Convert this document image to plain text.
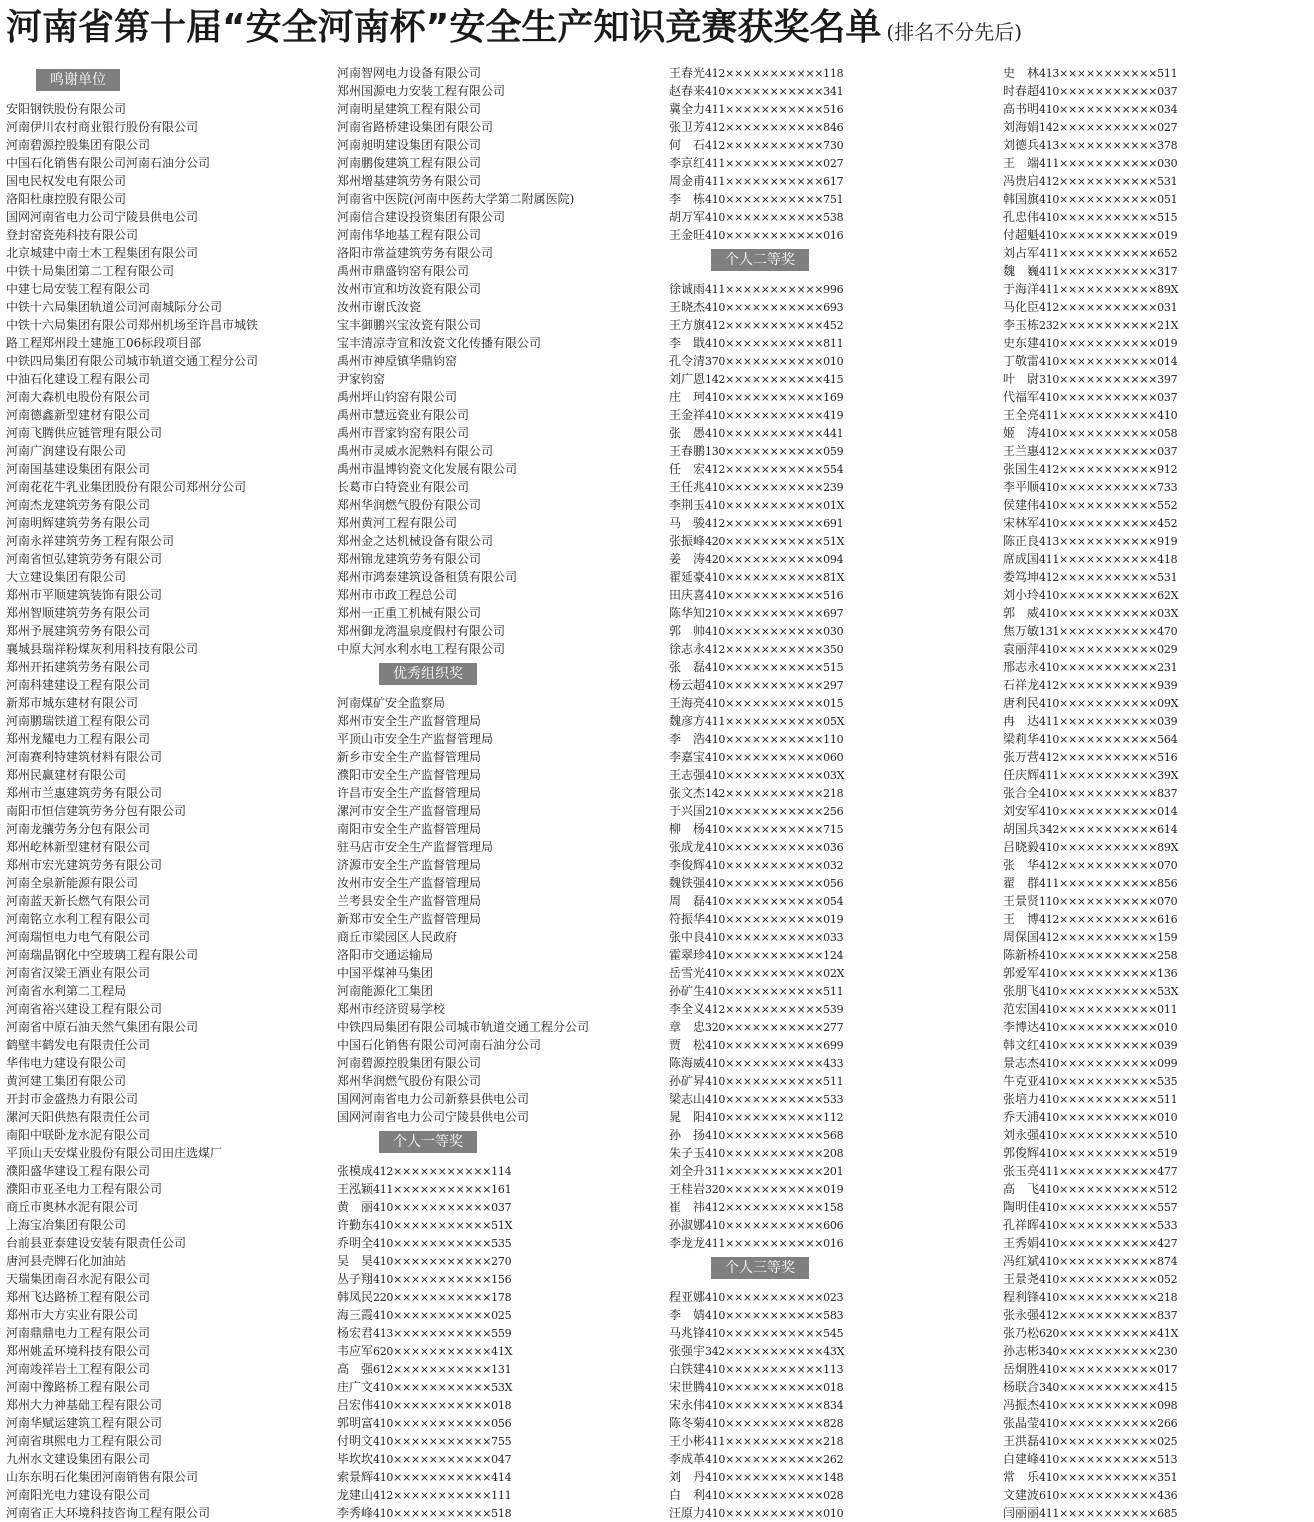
河南省第十届“安全河南杯”安全生产知识竞赛获奖名单 (排名不分先后)
鸣谢单位
安阳钢铁股份有限公司
河南伊川农村商业银行股份有限公司
河南碧源控股集团有限公司
中国石化销售有限公司河南石油分公司
国电民权发电有限公司
洛阳杜康控股有限公司
国网河南省电力公司宁陵县供电公司
登封窑瓷苑科技有限公司
北京城建中南土木工程集团有限公司
中铁十局集团第二工程有限公司
中建七局安装工程有限公司
中铁十六局集团轨道公司河南城际分公司
中铁十六局集团有限公司郑州机场至许昌市城铁
路工程郑州段土建施工06标段项目部
中铁四局集团有限公司城市轨道交通工程分公司
中油石化建设工程有限公司
河南大森机电股份有限公司
河南德鑫新型建材有限公司
河南飞腾供应链管理有限公司
河南广润建设有限公司
河南国基建设集团有限公司
河南花花牛乳业集团股份有限公司郑州分公司
河南杰龙建筑劳务有限公司
河南明辉建筑劳务有限公司
河南永祥建筑劳务工程有限公司
河南省恒弘建筑劳务有限公司
大立建设集团有限公司
郑州市平顺建筑装饰有限公司
郑州智顺建筑劳务有限公司
郑州予展建筑劳务有限公司
襄城县瑞祥粉煤灰利用科技有限公司
郑州开拓建筑劳务有限公司
河南科建建设工程有限公司
新郑市城东建材有限公司
河南鹏瑞铁道工程有限公司
郑州龙耀电力工程有限公司
河南赛利特建筑材料有限公司
郑州民赢建材有限公司
郑州市兰惠建筑劳务有限公司
南阳市恒信建筑劳务分包有限公司
河南龙骧劳务分包有限公司
郑州屹林新型建材有限公司
郑州市宏光建筑劳务有限公司
河南全泉新能源有限公司
河南蓝天新长燃气有限公司
河南铭立水利工程有限公司
河南瑞恒电力电气有限公司
河南瑞晶钢化中空玻璃工程有限公司
河南省汉梁王酒业有限公司
河南省水利第二工程局
河南省裕兴建设工程有限公司
河南省中原石油天然气集团有限公司
鹤壁丰鹤发电有限责任公司
华伟电力建设有限公司
黄河建工集团有限公司
开封市金盛热力有限公司
漯河天阳供热有限责任公司
南阳中联卧龙水泥有限公司
平顶山天安煤业股份有限公司田庄选煤厂
濮阳盛华建设工程有限公司
濮阳市亚圣电力工程有限公司
商丘市奥林水泥有限公司
上海宝冶集团有限公司
台前县亚泰建设安装有限责任公司
唐河县壳牌石化加油站
天瑞集团南召水泥有限公司
郑州飞达路桥工程有限公司
郑州市大方实业有限公司
河南鼎鼎电力工程有限公司
郑州姚孟环境科技有限公司
河南竣祥岩土工程有限公司
河南中豫路桥工程有限公司
郑州大力神基础工程有限公司
河南华赋运建筑工程有限公司
河南省琪熙电力工程有限公司
九州水文建设集团有限公司
山东东明石化集团河南销售有限公司
河南阳光电力建设有限公司
河南省正大环境科技咨询工程有限公司
河南智网电力设备有限公司
郑州国源电力安装工程有限公司
河南明星建筑工程有限公司
河南省路桥建设集团有限公司
河南昶明建设集团有限公司
河南鹏俊建筑工程有限公司
郑州增基建筑劳务有限公司
河南省中医院(河南中医药大学第二附属医院)
河南信合建设投资集团有限公司
河南伟华地基工程有限公司
洛阳市常益建筑劳务有限公司
禹州市鼎盛钧窑有限公司
汝州市宣和坊汝瓷有限公司
汝州市谢氏汝瓷
宝丰御鹏兴宝汝瓷有限公司
宝丰清凉寺宣和汝瓷文化传播有限公司
禹州市神垕镇华鼎钧窑
尹家钧窑
禹州坪山钧窑有限公司
禹州市慧远瓷业有限公司
禹州市晋家钧窑有限公司
禹州市灵威水泥熟料有限公司
禹州市温博钧瓷文化发展有限公司
长葛市白特瓷业有限公司
郑州华润燃气股份有限公司
郑州黄河工程有限公司
郑州金之达机械设备有限公司
郑州锦龙建筑劳务有限公司
郑州市鸿泰建筑设备租赁有限公司
郑州市市政工程总公司
郑州一正重工机械有限公司
郑州御龙湾温泉度假村有限公司
中原大河水利水电工程有限公司
优秀组织奖
河南煤矿安全监察局
郑州市安全生产监督管理局
平顶山市安全生产监督管理局
新乡市安全生产监督管理局
濮阳市安全生产监督管理局
许昌市安全生产监督管理局
漯河市安全生产监督管理局
南阳市安全生产监督管理局
驻马店市安全生产监督管理局
济源市安全生产监督管理局
汝州市安全生产监督管理局
兰考县安全生产监督管理局
新郑市安全生产监督管理局
商丘市梁园区人民政府
洛阳市交通运输局
中国平煤神马集团
河南能源化工集团
郑州市经济贸易学校
中铁四局集团有限公司城市轨道交通工程分公司
中国石化销售有限公司河南石油分公司
河南碧源控股集团有限公司
郑州华润燃气股份有限公司
国网河南省电力公司新蔡县供电公司
国网河南省电力公司宁陵县供电公司
个人一等奖
张模成412×××××××××××114
王泓颖411×××××××××××161
黄丽410×××××××××××037
许勤东410×××××××××××51X
乔明全410×××××××××××535
吴昊410×××××××××××270
丛子翔410×××××××××××156
韩凤民220×××××××××××178
海三霞410×××××××××××025
杨宏君413×××××××××××559
韦应军620×××××××××××41X
高强612×××××××××××131
庄广文410×××××××××××53X
吕宏伟410×××××××××××018
郭明富410×××××××××××056
付明文410×××××××××××755
毕坎坎410×××××××××××047
索景辉410×××××××××××414
龙建山412×××××××××××111
李秀峰410×××××××××××518
王春光412×××××××××××118
赵春来410×××××××××××341
冀全力411×××××××××××516
张卫芳412×××××××××××846
何石412×××××××××××730
李京红411×××××××××××027
周金甫411×××××××××××617
李栋410×××××××××××751
胡万军410×××××××××××538
王金旺410×××××××××××016
个人二等奖
徐诚雨411×××××××××××996
王晓杰410×××××××××××693
王方旗412×××××××××××452
李戢410×××××××××××811
孔令清370×××××××××××010
刘广恩142×××××××××××415
庄珂410×××××××××××169
王金祥410×××××××××××419
张愚410×××××××××××441
王春鹏130×××××××××××059
任宏412×××××××××××554
王任兆410×××××××××××239
李荆玉410×××××××××××01X
马骏412×××××××××××691
张振峰420×××××××××××51X
姜涛420×××××××××××094
翟延豪410×××××××××××81X
田庆喜410×××××××××××516
陈华知210×××××××××××697
郭帅410×××××××××××030
徐志永412×××××××××××350
张磊410×××××××××××515
杨云超410×××××××××××297
王海亮410×××××××××××015
魏彦方411×××××××××××05X
李浩410×××××××××××110
李嘉宝410×××××××××××060
王志强410×××××××××××03X
张文杰142×××××××××××218
于兴国210×××××××××××256
柳杨410×××××××××××715
张成龙410×××××××××××036
李俊辉410×××××××××××032
魏铁强410×××××××××××056
周磊410×××××××××××054
符振华410×××××××××××019
张中良410×××××××××××033
霍翠珍410×××××××××××124
岳雪光410×××××××××××02X
孙矿生410×××××××××××511
李全义412×××××××××××539
章忠320×××××××××××277
贾松410×××××××××××699
陈海威410×××××××××××433
孙矿昇410×××××××××××511
梁志山410×××××××××××533
晁阳410×××××××××××112
孙扬410×××××××××××568
朱子玉410×××××××××××208
刘全升311×××××××××××201
王桂岩320×××××××××××019
崔祎412×××××××××××158
孙淑娜410×××××××××××606
李龙龙411×××××××××××016
个人三等奖
程亚娜410×××××××××××023
李婧410×××××××××××583
马兆锋410×××××××××××545
张强宇342×××××××××××43X
白铁建410×××××××××××113
宋世腾410×××××××××××018
宋永伟410×××××××××××834
陈冬菊410×××××××××××828
王小彬411×××××××××××218
李成革410×××××××××××262
刘丹410×××××××××××148
白利410×××××××××××028
汪原力410×××××××××××010
史林413×××××××××××511
时春超410×××××××××××037
高书明410×××××××××××034
刘海娟142×××××××××××027
刘德兵413×××××××××××378
王端411×××××××××××030
冯贵启412×××××××××××531
韩国旗410×××××××××××051
孔忠伟410×××××××××××515
付超魁410×××××××××××019
刘占军411×××××××××××652
魏巍411×××××××××××317
于海洋411×××××××××××89X
马化臣412×××××××××××031
李玉栋232×××××××××××21X
史东建410×××××××××××019
丁敬雷410×××××××××××014
叶尉310×××××××××××397
代福军410×××××××××××037
王全亮411×××××××××××410
姬涛410×××××××××××058
王兰惠412×××××××××××037
张国生412×××××××××××912
李平顺410×××××××××××733
侯建伟410×××××××××××552
宋林军410×××××××××××452
陈正良413×××××××××××919
席成国411×××××××××××418
娄笃坤412×××××××××××531
刘小玲410×××××××××××62X
郭威410×××××××××××03X
焦万敏131×××××××××××470
袁丽萍410×××××××××××029
邢志永410×××××××××××231
石祥龙412×××××××××××939
唐利民410×××××××××××09X
冉达411×××××××××××039
梁莉华410×××××××××××564
张万营412×××××××××××516
任庆辉411×××××××××××39X
张合全410×××××××××××837
刘安军410×××××××××××014
胡国兵342×××××××××××614
吕晓毅410×××××××××××89X
张华412×××××××××××070
翟群411×××××××××××856
王景贤110×××××××××××070
王博412×××××××××××616
周保国412×××××××××××159
陈新桥410×××××××××××258
郭爱军410×××××××××××136
张朋飞410×××××××××××53X
范宏国410×××××××××××011
李博达410×××××××××××010
韩文红410×××××××××××039
景志杰410×××××××××××099
牛克亚410×××××××××××535
张培力410×××××××××××511
乔天浦410×××××××××××010
刘永强410×××××××××××510
郭俊辉410×××××××××××519
张玉亮411×××××××××××477
高飞410×××××××××××512
陶明佳410×××××××××××557
孔祥晖410×××××××××××533
王秀娟410×××××××××××427
冯红斌410×××××××××××874
王景尧410×××××××××××052
程利锋410×××××××××××218
张永强412×××××××××××837
张乃松620×××××××××××41X
孙志彬340×××××××××××230
岳炯胜410×××××××××××017
杨联合340×××××××××××415
冯振杰410×××××××××××098
张晶莹410×××××××××××266
王洪磊410×××××××××××025
白建峰410×××××××××××513
常乐410×××××××××××351
文建波610×××××××××××436
闫丽丽411×××××××××××685
